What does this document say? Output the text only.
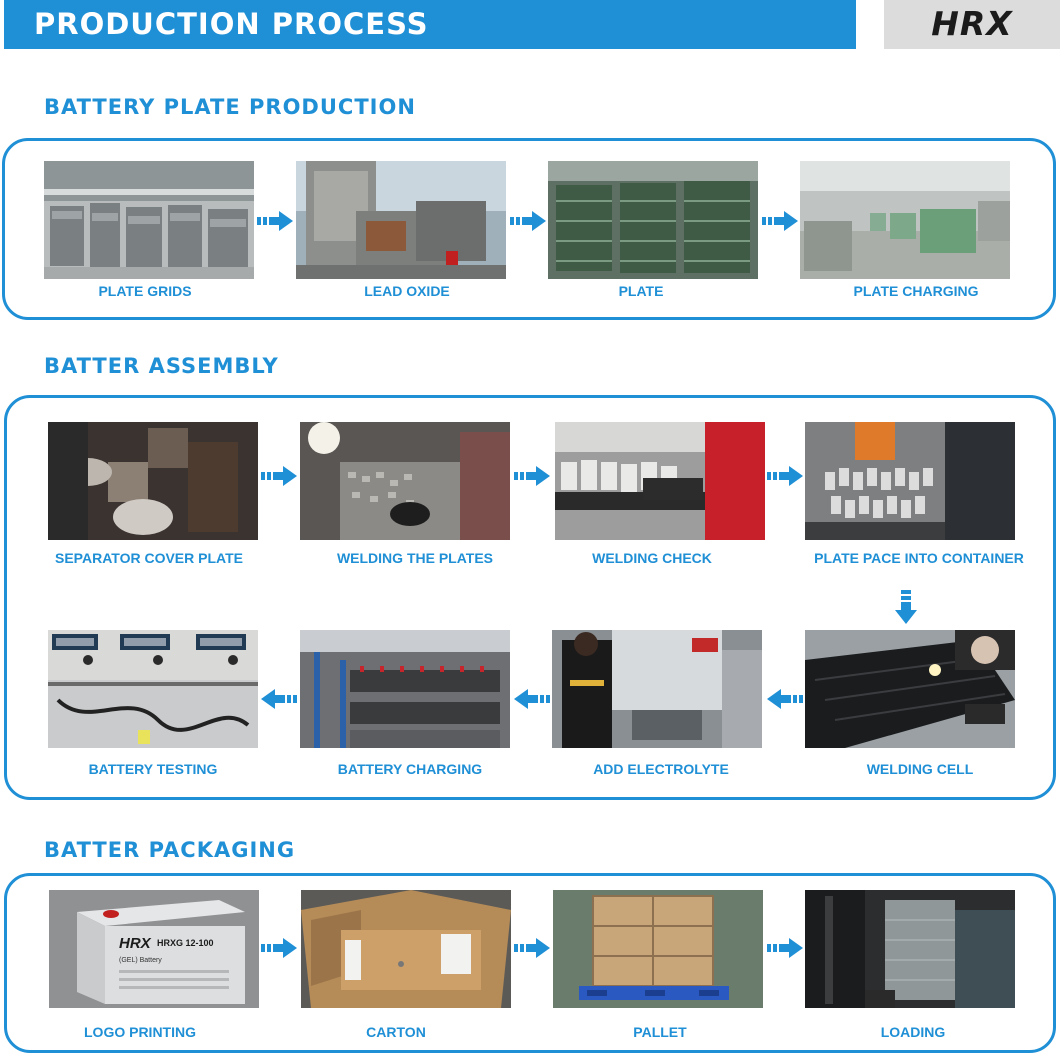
PRODUCTION PROCESS	HRX
BATTERY PLATE PRODUCTION
PLATE GRIDS	LEAD OXIDE	PLATE	PLATE CHARGING
BATTER ASSEMBLY
SEPARATOR COVER PLATE	WELDING THE PLATES	WELDING CHECK	PLATE PACE INTO CONTAINER
BATTERY TESTING	BATTERY CHARGING	ADD ELECTROLYTE	WELDING CELL
BATTER PACKAGING
HRX HRXG 12-100
(GEL) Battery
LOGO PRINTING	CARTON	PALLET	LOADING
